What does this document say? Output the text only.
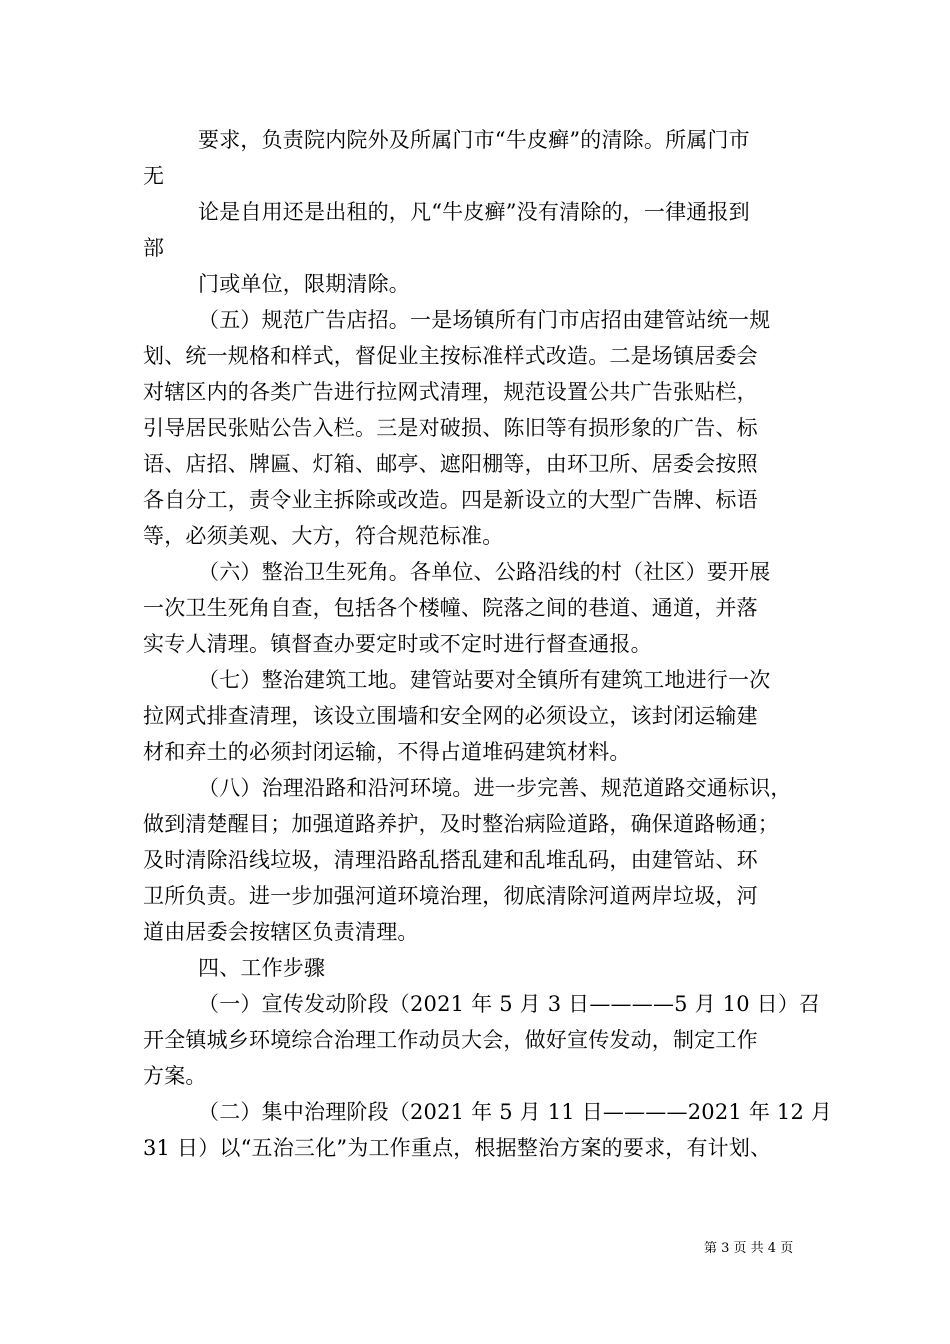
要求，负责院内院外及所属门市“牛皮癣”的清除。所属门市
无
论是自用还是出租的，凡“牛皮癣”没有清除的，一律通报到
部
门或单位，限期清除。
（五）规范广告店招。一是场镇所有门市店招由建管站统一规
划、统一规格和样式，督促业主按标准样式改造。二是场镇居委会
对辖区内的各类广告进行拉网式清理，规范设置公共广告张贴栏，
引导居民张贴公告入栏。三是对破损、陈旧等有损形象的广告、标
语、店招、牌匾、灯箱、邮亭、遮阳棚等，由环卫所、居委会按照
各自分工，责令业主拆除或改造。四是新设立的大型广告牌、标语
等，必须美观、大方，符合规范标准。
（六）整治卫生死角。各单位、公路沿线的村（社区）要开展
一次卫生死角自查，包括各个楼幢、院落之间的巷道、通道，并落
实专人清理。镇督查办要定时或不定时进行督查通报。
（七）整治建筑工地。建管站要对全镇所有建筑工地进行一次
拉网式排查清理，该设立围墙和安全网的必须设立，该封闭运输建
材和弃土的必须封闭运输，不得占道堆码建筑材料。
（八）治理沿路和沿河环境。进一步完善、规范道路交通标识，
做到清楚醒目；加强道路养护，及时整治病险道路，确保道路畅通；
及时清除沿线垃圾，清理沿路乱搭乱建和乱堆乱码，由建管站、环
卫所负责。进一步加强河道环境治理，彻底清除河道两岸垃圾，河
道由居委会按辖区负责清理。
四、工作步骤
（一）宣传发动阶段（2021 年 5 月 3 日————5 月 10 日）召
开全镇城乡环境综合治理工作动员大会，做好宣传发动，制定工作
方案。
（二）集中治理阶段（2021 年 5 月 11 日————2021 年 12 月
31 日）以“五治三化”为工作重点，根据整治方案的要求，有计划、
第 3 页 共 4 页
